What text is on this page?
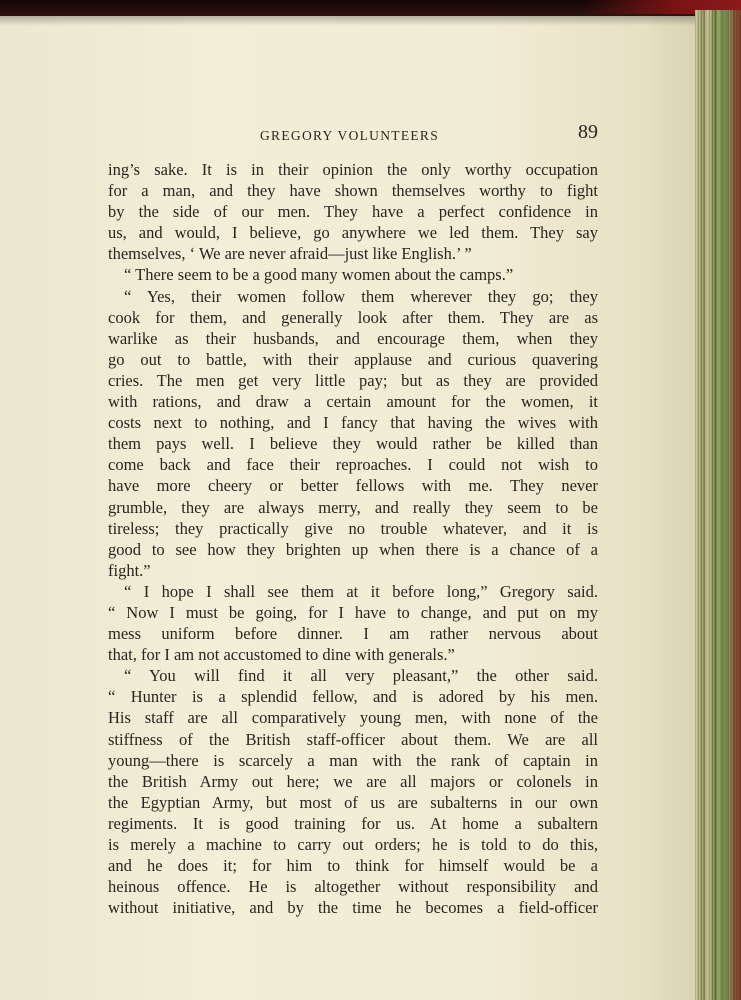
GREGORY VOLUNTEERS	89
ing’s sake. It is in their opinion the only worthy occupation
for a man, and they have shown themselves worthy to fight
by the side of our men. They have a perfect confidence in
us, and would, I believe, go anywhere we led them. They say
themselves, ‘ We are never afraid—just like English.’ ”
“ There seem to be a good many women about the camps.”
“ Yes, their women follow them wherever they go; they
cook for them, and generally look after them. They are as
warlike as their husbands, and encourage them, when they
go out to battle, with their applause and curious quavering
cries. The men get very little pay; but as they are provided
with rations, and draw a certain amount for the women, it
costs next to nothing, and I fancy that having the wives with
them pays well. I believe they would rather be killed than
come back and face their reproaches. I could not wish to
have more cheery or better fellows with me. They never
grumble, they are always merry, and really they seem to be
tireless; they practically give no trouble whatever, and it is
good to see how they brighten up when there is a chance of a
fight.”
“ I hope I shall see them at it before long,” Gregory said.
“ Now I must be going, for I have to change, and put on my
mess uniform before dinner. I am rather nervous about
that, for I am not accustomed to dine with generals.”
“ You will find it all very pleasant,” the other said.
“ Hunter is a splendid fellow, and is adored by his men.
His staff are all comparatively young men, with none of the
stiffness of the British staff-officer about them. We are all
young—there is scarcely a man with the rank of captain in
the British Army out here; we are all majors or colonels in
the Egyptian Army, but most of us are subalterns in our own
regiments. It is good training for us. At home a subaltern
is merely a machine to carry out orders; he is told to do this,
and he does it; for him to think for himself would be a
heinous offence. He is altogether without responsibility and
without initiative, and by the time he becomes a field-officer
